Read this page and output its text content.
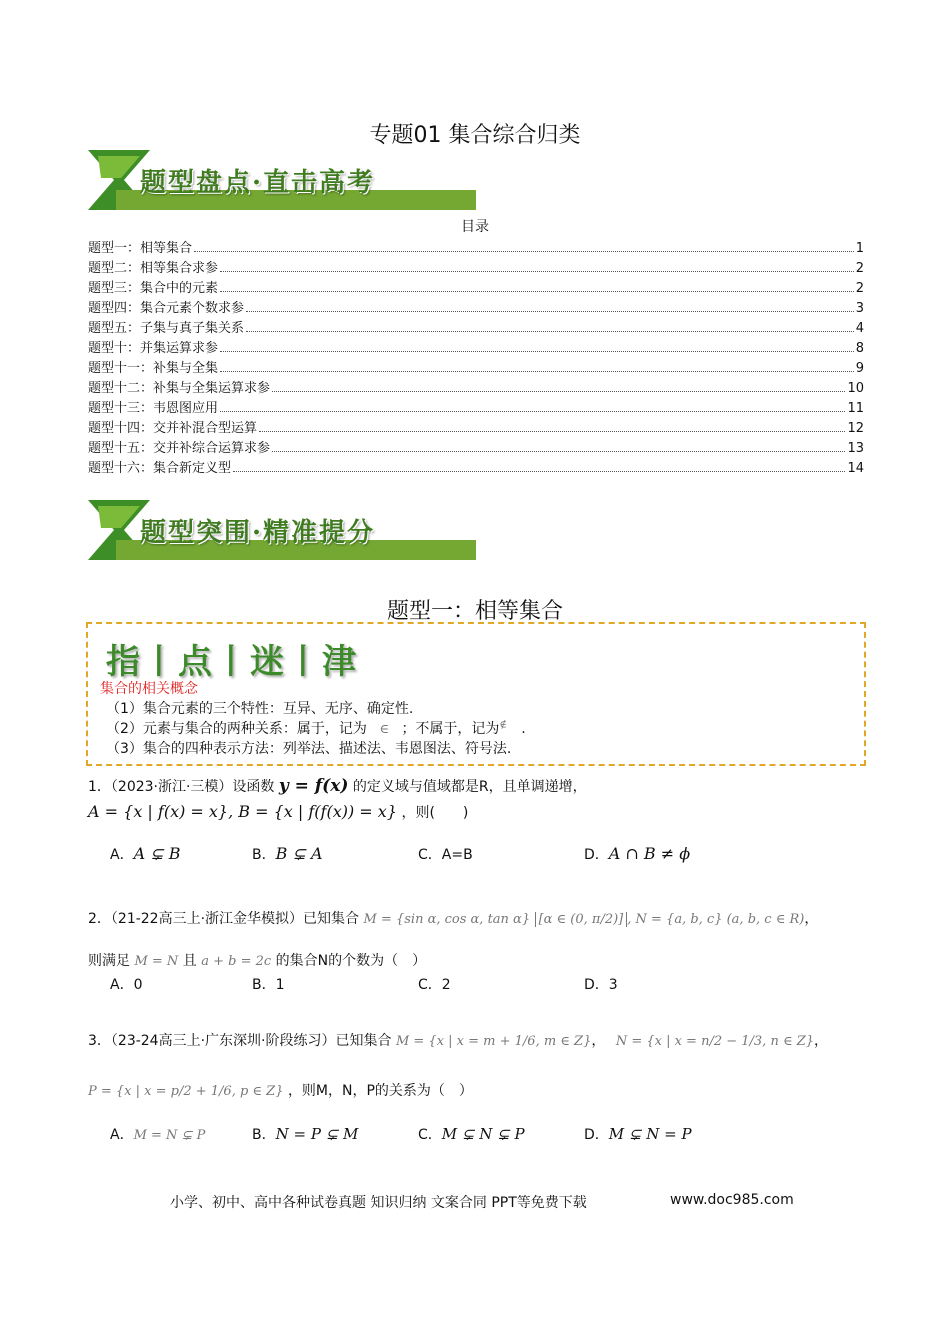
专题01 集合综合归类
题型盘点·直击高考
目录
题型一：相等集合	1
题型二：相等集合求参	2
题型三：集合中的元素	2
题型四：集合元素个数求参	3
题型五：子集与真子集关系	4
题型十：并集运算求参	8
题型十一：补集与全集	9
题型十二：补集与全集运算求参	10
题型十三：韦恩图应用	11
题型十四：交并补混合型运算	12
题型十五：交并补综合运算求参	13
题型十六：集合新定义型	14
题型突围·精准提分
题型一：相等集合
指丨点丨迷丨津
集合的相关概念
（1）集合元素的三个特性：互异、无序、确定性.
（2）元素与集合的两种关系：属于，记为 ∈ ；不属于，记为∉ .
（3）集合的四种表示方法：列举法、描述法、韦恩图法、符号法.
1．（2023·浙江·三模）设函数 y = f(x) 的定义域与值域都是R，且单调递增，
A = {x | f(x) = x}, B = {x | f(f(x)) = x} ，则(　　)
A．A ⊊ B	B．B ⊊ A	C．A=B	D．A ∩ B ≠ ϕ
2．（21-22高三上·浙江金华模拟）已知集合 M = {sin α, cos α, tan α} [α ∈ (0, π/2)] , N = {a, b, c} (a, b, c ∈ R)，
则满足 M = N 且 a + b = 2c 的集合N的个数为（　）
A．0	B．1	C．2	D．3
3．（23-24高三上·广东深圳·阶段练习）已知集合 M = {x | x = m + 1/6, m ∈ Z}， N = {x | x = n/2 − 1/3, n ∈ Z}，
P = {x | x = p/2 + 1/6, p ∈ Z} ，则M，N，P的关系为（　）
A．M = N ⊊ P	B．N = P ⊊ M	C．M ⊊ N ⊊ P	D．M ⊊ N = P
小学、初中、高中各种试卷真题 知识归纳 文案合同 PPT等免费下载	www.doc985.com
